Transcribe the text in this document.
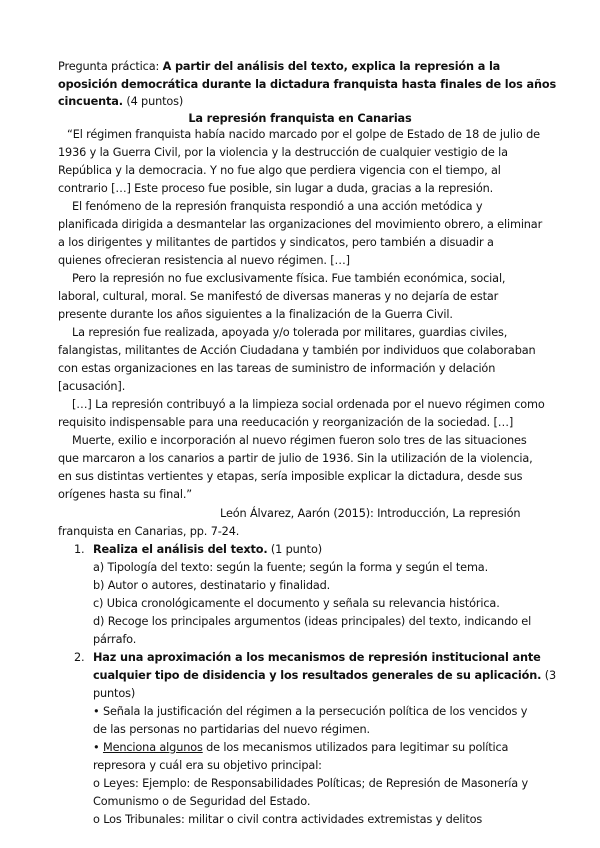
Pregunta práctica: A partir del análisis del texto, explica la represión a la
oposición democrática durante la dictadura franquista hasta finales de los años
cincuenta. (4 puntos)
La represión franquista en Canarias
“El régimen franquista había nacido marcado por el golpe de Estado de 18 de julio de
1936 y la Guerra Civil, por la violencia y la destrucción de cualquier vestigio de la
República y la democracia. Y no fue algo que perdiera vigencia con el tiempo, al
contrario […] Este proceso fue posible, sin lugar a duda, gracias a la represión.
El fenómeno de la represión franquista respondió a una acción metódica y
planificada dirigida a desmantelar las organizaciones del movimiento obrero, a eliminar
a los dirigentes y militantes de partidos y sindicatos, pero también a disuadir a
quienes ofrecieran resistencia al nuevo régimen. […]
Pero la represión no fue exclusivamente física. Fue también económica, social,
laboral, cultural, moral. Se manifestó de diversas maneras y no dejaría de estar
presente durante los años siguientes a la finalización de la Guerra Civil.
La represión fue realizada, apoyada y/o tolerada por militares, guardias civiles,
falangistas, militantes de Acción Ciudadana y también por individuos que colaboraban
con estas organizaciones en las tareas de suministro de información y delación
[acusación].
[…] La represión contribuyó a la limpieza social ordenada por el nuevo régimen como
requisito indispensable para una reeducación y reorganización de la sociedad. […]
Muerte, exilio e incorporación al nuevo régimen fueron solo tres de las situaciones
que marcaron a los canarios a partir de julio de 1936. Sin la utilización de la violencia,
en sus distintas vertientes y etapas, sería imposible explicar la dictadura, desde sus
orígenes hasta su final.”
León Álvarez, Aarón (2015): Introducción, La represión
franquista en Canarias, pp. 7-24.
1. Realiza el análisis del texto. (1 punto)
a) Tipología del texto: según la fuente; según la forma y según el tema.
b) Autor o autores, destinatario y finalidad.
c) Ubica cronológicamente el documento y señala su relevancia histórica.
d) Recoge los principales argumentos (ideas principales) del texto, indicando el
párrafo.
2. Haz una aproximación a los mecanismos de represión institucional ante
cualquier tipo de disidencia y los resultados generales de su aplicación. (3
puntos)
• Señala la justificación del régimen a la persecución política de los vencidos y
de las personas no partidarias del nuevo régimen.
• Menciona algunos de los mecanismos utilizados para legitimar su política
represora y cuál era su objetivo principal:
o Leyes: Ejemplo: de Responsabilidades Políticas; de Represión de Masonería y
Comunismo o de Seguridad del Estado.
o Los Tribunales: militar o civil contra actividades extremistas y delitos
